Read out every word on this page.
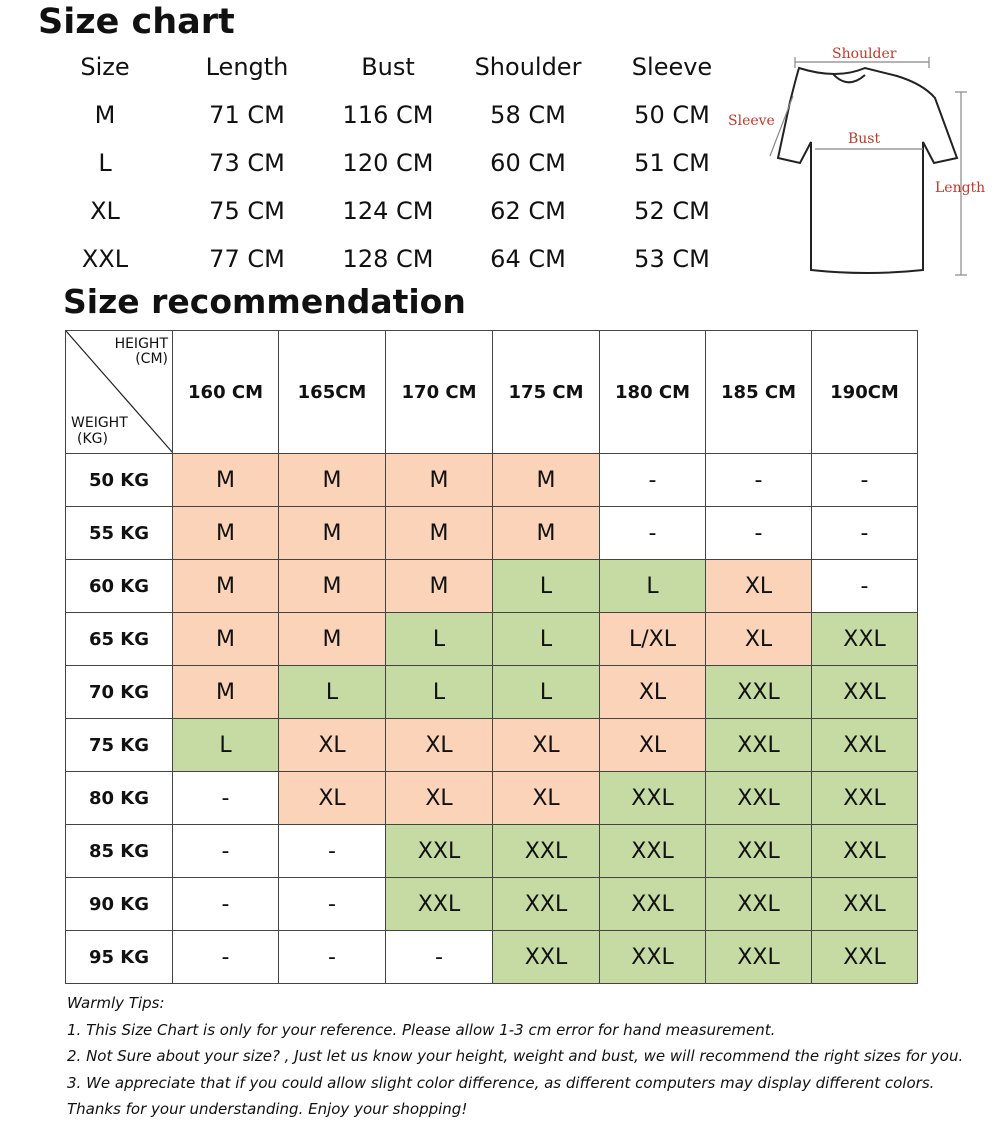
Size chart
Size	Length	Bust	Shoulder	Sleeve
M	71 CM	116 CM	58 CM	50 CM
L	73 CM	120 CM	60 CM	51 CM
XL	75 CM	124 CM	62 CM	52 CM
XXL	77 CM	128 CM	64 CM	53 CM
Shoulder
Bust
Sleeve
Length
Size recommendation
HEIGHT
(CM)
WEIGHT
(KG)	160 CM	165CM	170 CM	175 CM	180 CM	185 CM	190CM
50 KG	M	M	M	M	-	-	-
55 KG	M	M	M	M	-	-	-
60 KG	M	M	M	L	L	XL	-
65 KG	M	M	L	L	L/XL	XL	XXL
70 KG	M	L	L	L	XL	XXL	XXL
75 KG	L	XL	XL	XL	XL	XXL	XXL
80 KG	-	XL	XL	XL	XXL	XXL	XXL
85 KG	-	-	XXL	XXL	XXL	XXL	XXL
90 KG	-	-	XXL	XXL	XXL	XXL	XXL
95 KG	-	-	-	XXL	XXL	XXL	XXL
Warmly Tips:
1. This Size Chart is only for your reference. Please allow 1-3 cm error for hand measurement.
2. Not Sure about your size? , Just let us know your height, weight and bust, we will recommend the right sizes for you.
3. We appreciate that if you could allow slight color difference, as different computers may display different colors.
Thanks for your understanding. Enjoy your shopping!
